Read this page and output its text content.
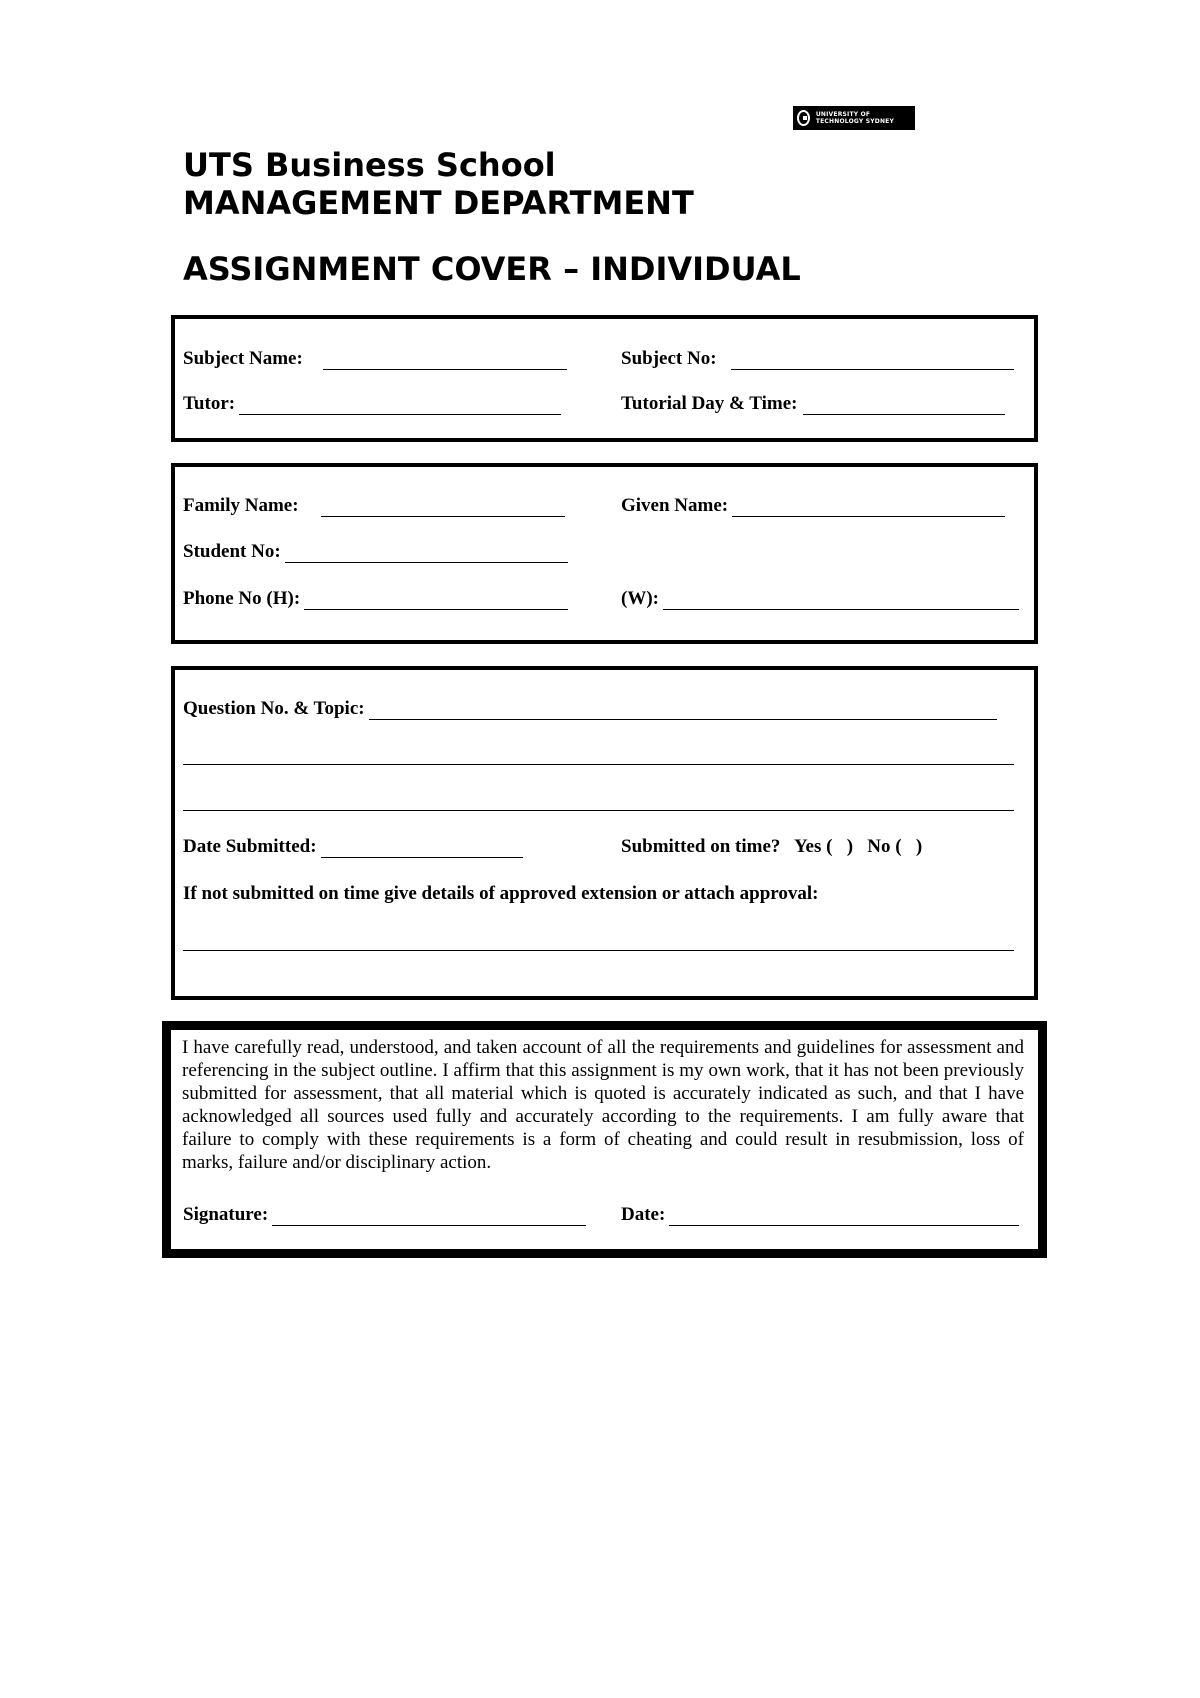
UNIVERSITY OF TECHNOLOGY SYDNEY
UTS Business School
MANAGEMENT DEPARTMENT
ASSIGNMENT COVER – INDIVIDUAL
Subject Name:	Subject No:
Tutor:	Tutorial Day & Time:
Family Name:	Given Name:
Student No:
Phone No (H):	(W):
Question No. & Topic:
Date Submitted:	Submitted on time?   Yes (   )   No (   )
If not submitted on time give details of approved extension or attach approval:

I have carefully read, understood, and taken account of all the requirements and guidelines for assessment and referencing in the subject outline. I affirm that this assignment is my own work, that it has not been previously submitted for assessment, that all material which is quoted is accurately indicated as such, and that I have acknowledged all sources used fully and accurately according to the requirements. I am fully aware that failure to comply with these requirements is a form of cheating and could result in resubmission, loss of marks, failure and/or disciplinary action.

Signature:	Date:
